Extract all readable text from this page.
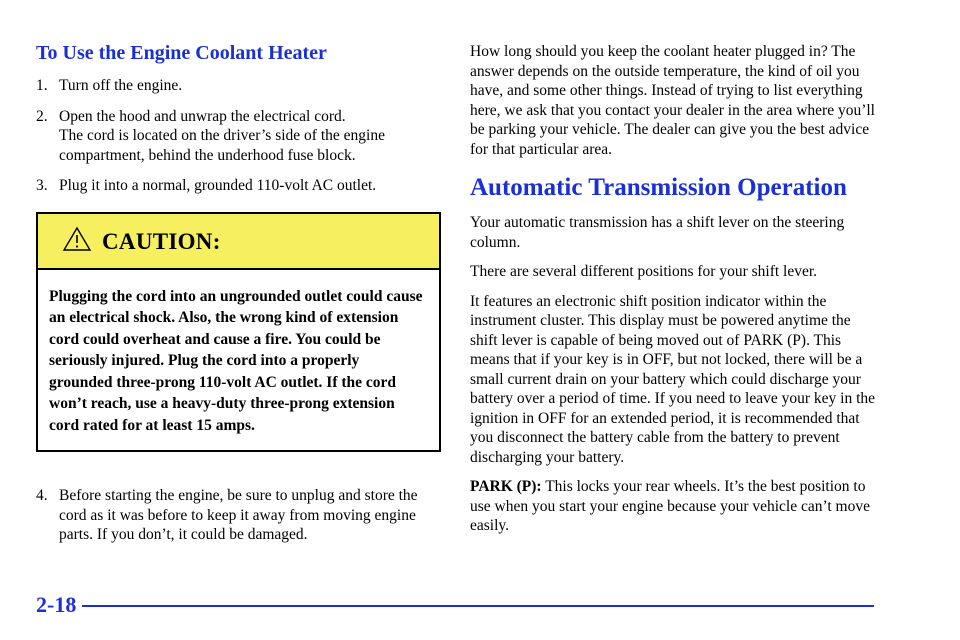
To Use the Engine Coolant Heater
1. Turn off the engine.
2. Open the hood and unwrap the electrical cord.
The cord is located on the driver’s side of the engine compartment, behind the underhood fuse block.
3. Plug it into a normal, grounded 110‑volt AC outlet.
CAUTION:
Plugging the cord into an ungrounded outlet could cause an electrical shock. Also, the wrong kind of extension cord could overheat and cause a fire. You could be seriously injured. Plug the cord into a properly grounded three‑prong 110‑volt AC outlet. If the cord won’t reach, use a heavy‑duty three‑prong extension cord rated for at least 15 amps.
4. Before starting the engine, be sure to unplug and store the cord as it was before to keep it away from moving engine parts. If you don’t, it could be damaged.

How long should you keep the coolant heater plugged in? The answer depends on the outside temperature, the kind of oil you have, and some other things. Instead of trying to list everything here, we ask that you contact your dealer in the area where you’ll be parking your vehicle. The dealer can give you the best advice for that particular area.

Automatic Transmission Operation

Your automatic transmission has a shift lever on the steering column.

There are several different positions for your shift lever.

It features an electronic shift position indicator within the instrument cluster. This display must be powered anytime the shift lever is capable of being moved out of PARK (P). This means that if your key is in OFF, but not locked, there will be a small current drain on your battery which could discharge your battery over a period of time. If you need to leave your key in the ignition in OFF for an extended period, it is recommended that you disconnect the battery cable from the battery to prevent discharging your battery.

PARK (P): This locks your rear wheels. It’s the best position to use when you start your engine because your vehicle can’t move easily.

2-18
